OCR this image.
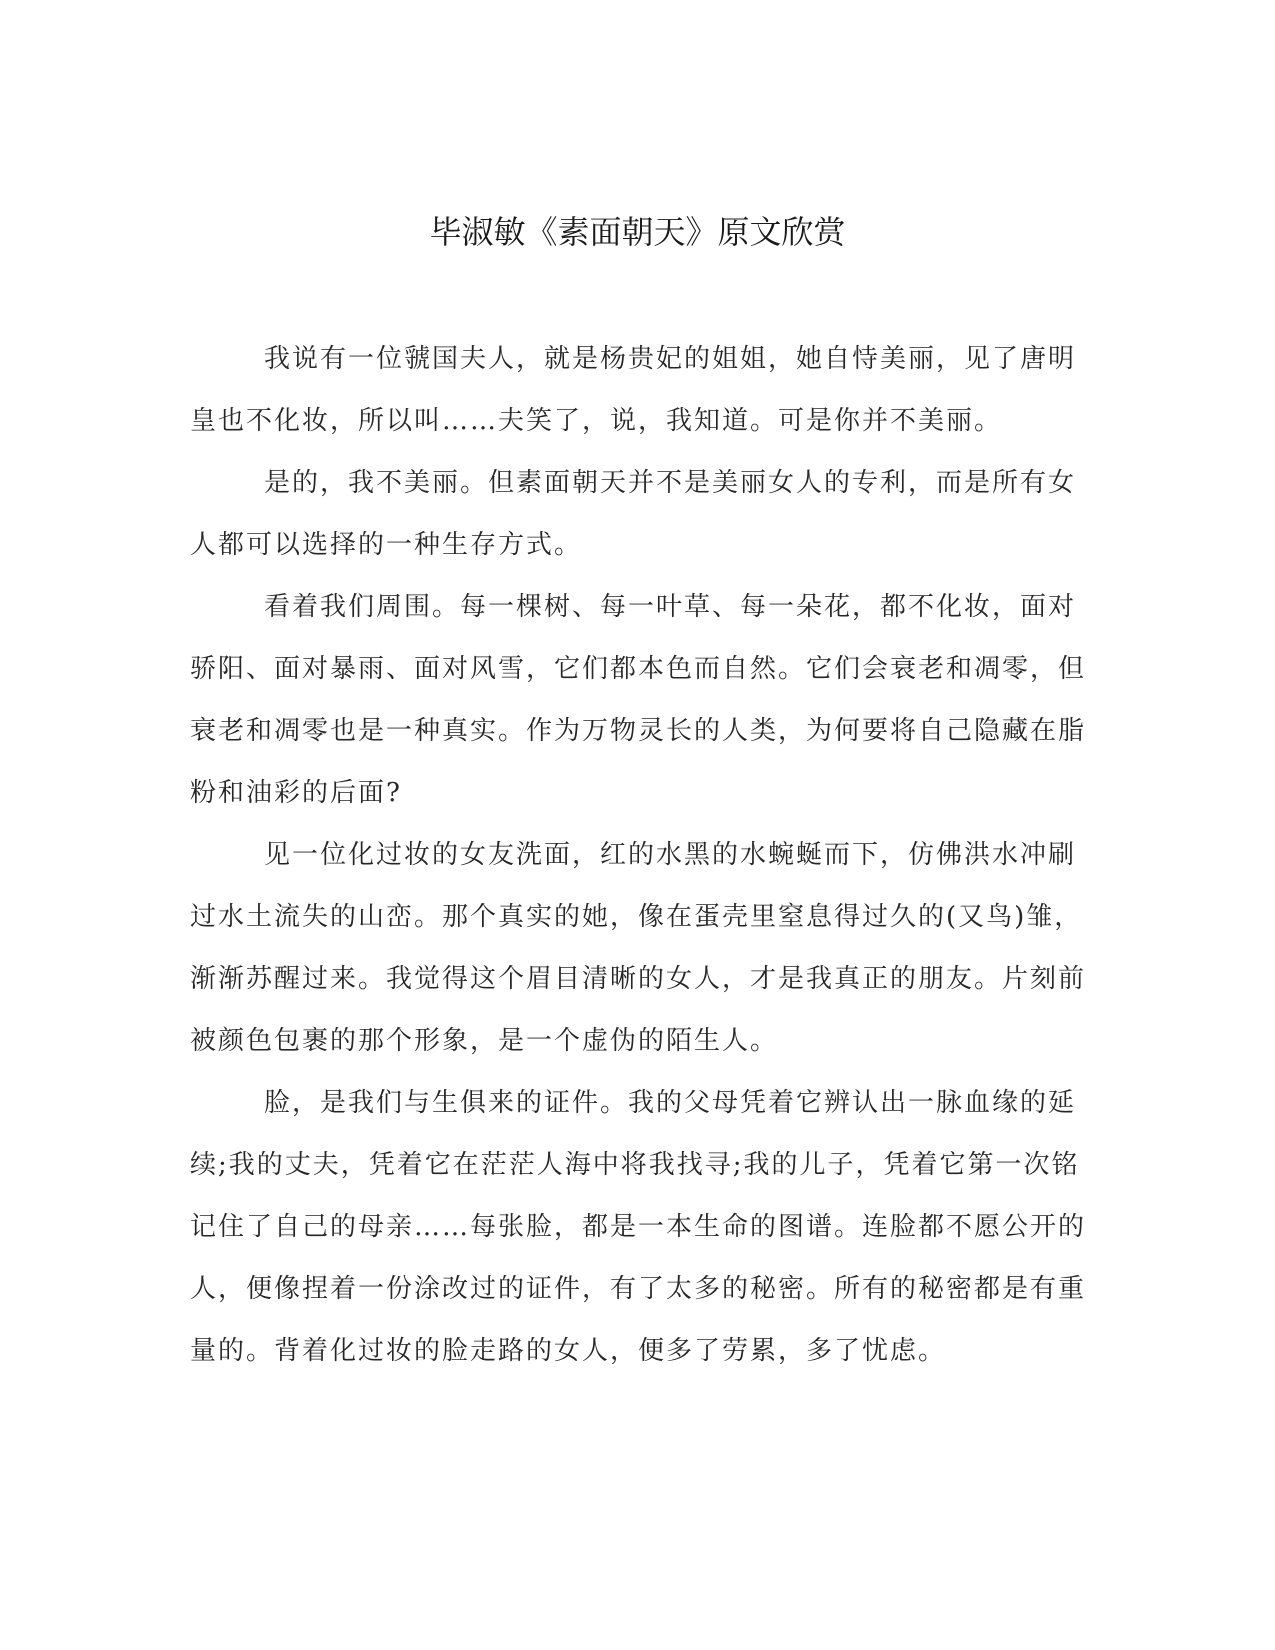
毕淑敏《素面朝天》原文欣赏

我说有一位虢国夫人，就是杨贵妃的姐姐，她自恃美丽，见了唐明皇也不化妆，所以叫……夫笑了，说，我知道。可是你并不美丽。

是的，我不美丽。但素面朝天并不是美丽女人的专利，而是所有女人都可以选择的一种生存方式。

看着我们周围。每一棵树、每一叶草、每一朵花，都不化妆，面对骄阳、面对暴雨、面对风雪，它们都本色而自然。它们会衰老和凋零，但衰老和凋零也是一种真实。作为万物灵长的人类，为何要将自己隐藏在脂粉和油彩的后面?

见一位化过妆的女友洗面，红的水黑的水蜿蜒而下，仿佛洪水冲刷过水土流失的山峦。那个真实的她，像在蛋壳里窒息得过久的(又鸟)雏，渐渐苏醒过来。我觉得这个眉目清晰的女人，才是我真正的朋友。片刻前被颜色包裹的那个形象，是一个虚伪的陌生人。

脸，是我们与生俱来的证件。我的父母凭着它辨认出一脉血缘的延续;我的丈夫，凭着它在茫茫人海中将我找寻;我的儿子，凭着它第一次铭记住了自己的母亲……每张脸，都是一本生命的图谱。连脸都不愿公开的人，便像捏着一份涂改过的证件，有了太多的秘密。所有的秘密都是有重量的。背着化过妆的脸走路的女人，便多了劳累，多了忧虑。
